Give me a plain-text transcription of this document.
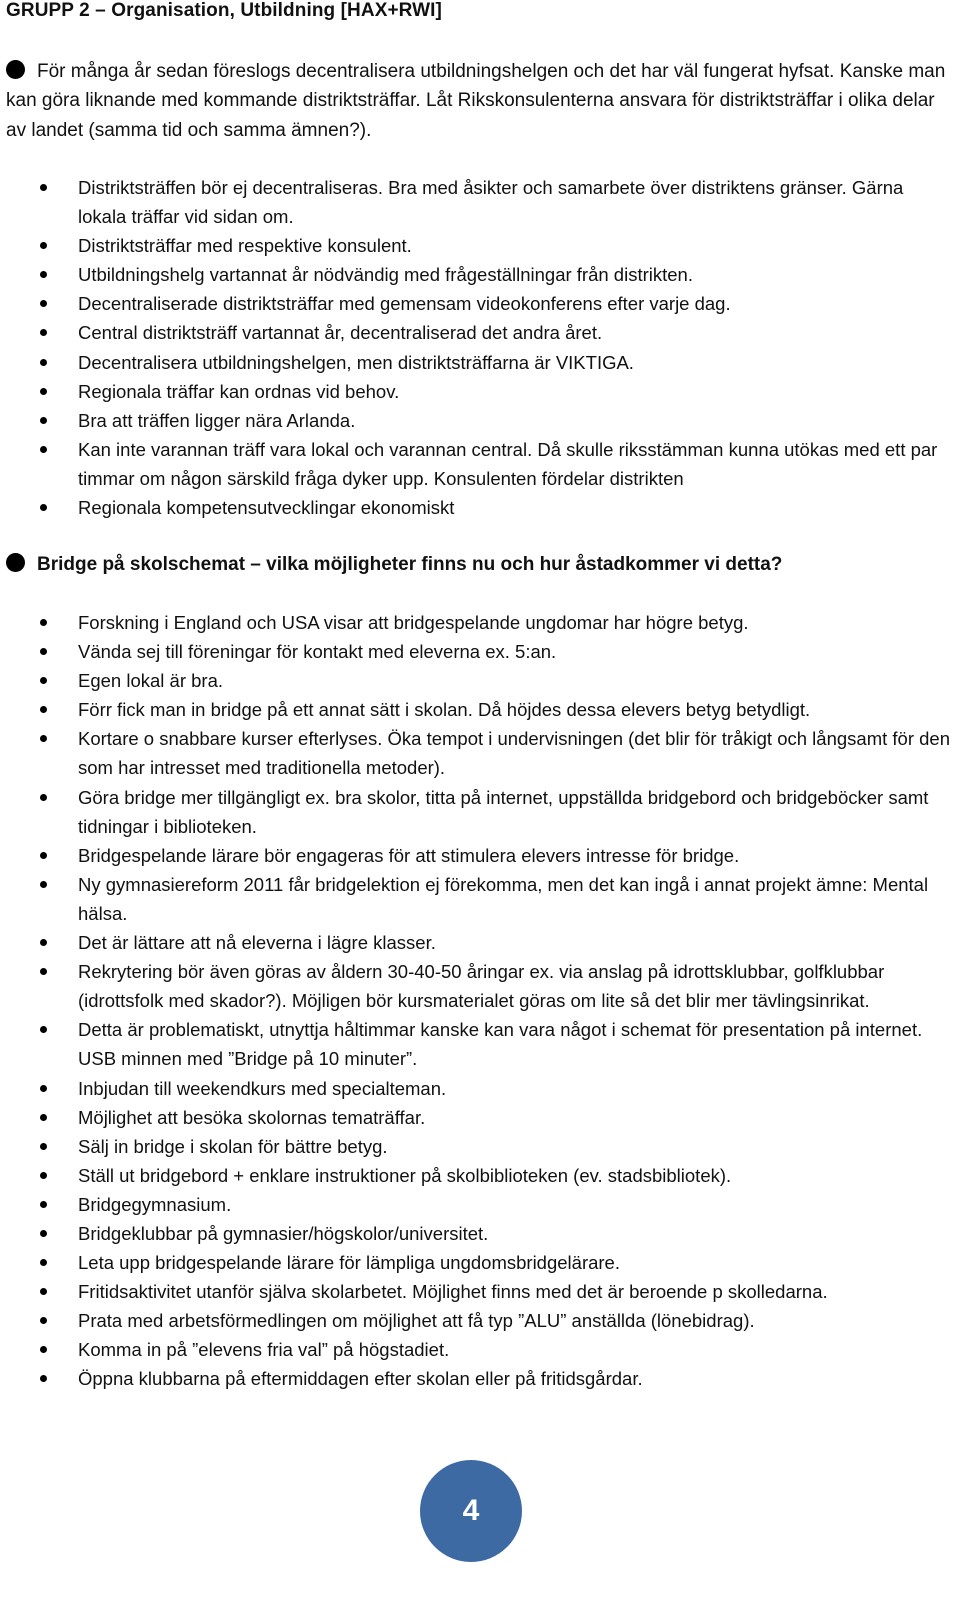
GRUPP 2 – Organisation, Utbildning [HAX+RWI]
För många år sedan föreslogs decentralisera utbildningshelgen och det har väl fungerat hyfsat. Kanske man kan göra liknande med kommande distriktsträffar. Låt Rikskonsulenterna ansvara för distriktsträffar i olika delar av landet (samma tid och samma ämnen?).
Distriktsträffen bör ej decentraliseras. Bra med åsikter och samarbete över distriktens gränser. Gärna lokala träffar vid sidan om.
Distriktsträffar med respektive konsulent.
Utbildningshelg vartannat år nödvändig med frågeställningar från distrikten.
Decentraliserade distriktsträffar med gemensam videokonferens efter varje dag.
Central distriktsträff vartannat år, decentraliserad det andra året.
Decentralisera utbildningshelgen, men distriktsträffarna är VIKTIGA.
Regionala träffar kan ordnas vid behov.
Bra att träffen ligger nära Arlanda.
Kan inte varannan träff vara lokal och varannan central. Då skulle riksstämman kunna utökas med ett par timmar om någon särskild fråga dyker upp. Konsulenten fördelar distrikten
Regionala kompetensutvecklingar ekonomiskt
Bridge på skolschemat – vilka möjligheter finns nu och hur åstadkommer vi detta?
Forskning i England och USA visar att bridgespelande ungdomar har högre betyg.
Vända sej till föreningar för kontakt med eleverna ex. 5:an.
Egen lokal är bra.
Förr fick man in bridge på ett annat sätt i skolan. Då höjdes dessa elevers betyg betydligt.
Kortare o snabbare kurser efterlyses. Öka tempot i undervisningen (det blir för tråkigt och långsamt för den som har intresset med traditionella metoder).
Göra bridge mer tillgängligt ex. bra skolor, titta på internet, uppställda bridgebord och bridgeböcker samt tidningar i biblioteken.
Bridgespelande lärare bör engageras för att stimulera elevers intresse för bridge.
Ny gymnasiereform 2011 får bridgelektion ej förekomma, men det kan ingå i annat projekt ämne: Mental hälsa.
Det är lättare att nå eleverna i lägre klasser.
Rekrytering bör även göras av åldern 30-40-50 åringar ex. via anslag på idrottsklubbar, golfklubbar (idrottsfolk med skador?). Möjligen bör kursmaterialet göras om lite så det blir mer tävlingsinrikat.
Detta är problematiskt, utnyttja håltimmar kanske kan vara något i schemat för presentation på internet. USB minnen med ”Bridge på 10 minuter”.
Inbjudan till weekendkurs med specialteman.
Möjlighet att besöka skolornas tematräffar.
Sälj in bridge i skolan för bättre betyg.
Ställ ut bridgebord + enklare instruktioner på skolbiblioteken (ev. stadsbibliotek).
Bridgegymnasium.
Bridgeklubbar på gymnasier/högskolor/universitet.
Leta upp bridgespelande lärare för lämpliga ungdomsbridgelärare.
Fritidsaktivitet utanför själva skolarbetet. Möjlighet finns med det är beroende p skolledarna.
Prata med arbetsförmedlingen om möjlighet att få typ ”ALU” anställda (lönebidrag).
Komma in på ”elevens fria val” på högstadiet.
Öppna klubbarna på eftermiddagen efter skolan eller på fritidsgårdar.
4
